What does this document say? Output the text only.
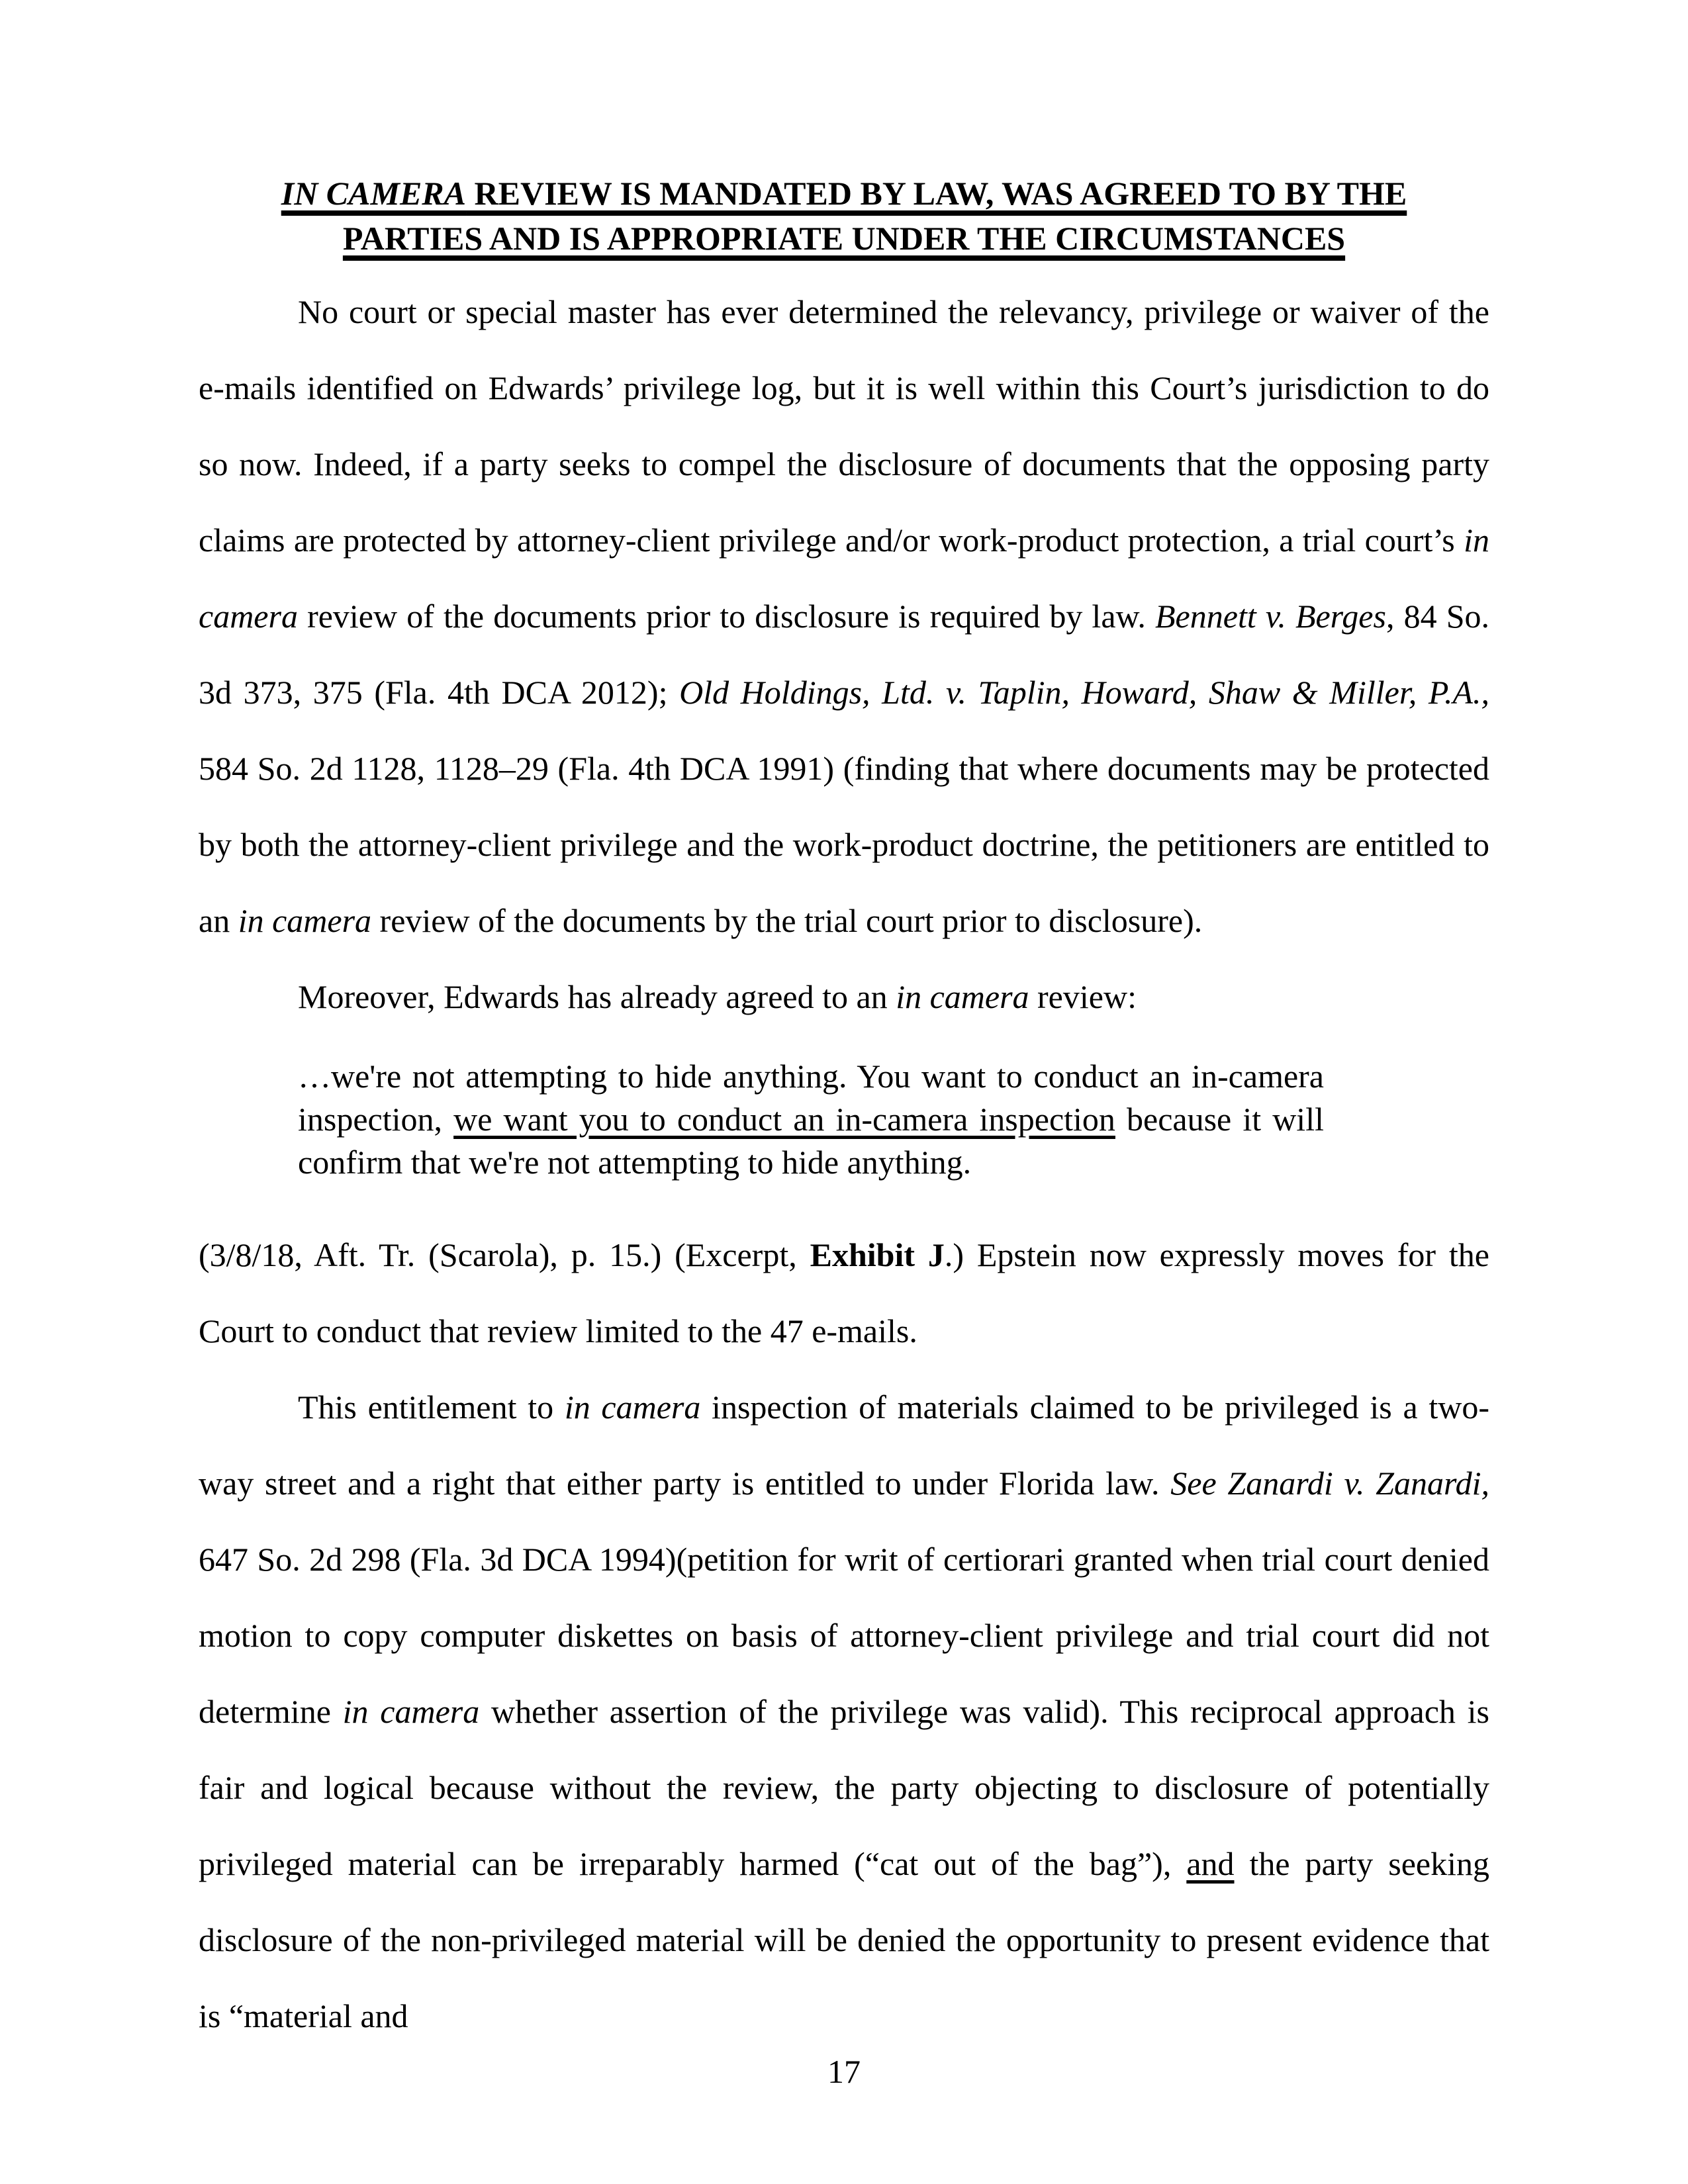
IN CAMERA REVIEW IS MANDATED BY LAW, WAS AGREED TO BY THE
PARTIES AND IS APPROPRIATE UNDER THE CIRCUMSTANCES

No court or special master has ever determined the relevancy, privilege or waiver of the e-mails identified on Edwards’ privilege log, but it is well within this Court’s jurisdiction to do so now. Indeed, if a party seeks to compel the disclosure of documents that the opposing party claims are protected by attorney-client privilege and/or work-product protection, a trial court’s in camera review of the documents prior to disclosure is required by law. Bennett v. Berges, 84 So. 3d 373, 375 (Fla. 4th DCA 2012); Old Holdings, Ltd. v. Taplin, Howard, Shaw & Miller, P.A., 584 So. 2d 1128, 1128–29 (Fla. 4th DCA 1991) (finding that where documents may be protected by both the attorney-client privilege and the work-product doctrine, the petitioners are entitled to an in camera review of the documents by the trial court prior to disclosure).

Moreover, Edwards has already agreed to an in camera review:

…we're not attempting to hide anything. You want to conduct an in-camera inspection, we want you to conduct an in-camera inspection because it will confirm that we're not attempting to hide anything.

(3/8/18, Aft. Tr. (Scarola), p. 15.) (Excerpt, Exhibit J.) Epstein now expressly moves for the Court to conduct that review limited to the 47 e-mails.

This entitlement to in camera inspection of materials claimed to be privileged is a two-way street and a right that either party is entitled to under Florida law. See Zanardi v. Zanardi, 647 So. 2d 298 (Fla. 3d DCA 1994)(petition for writ of certiorari granted when trial court denied motion to copy computer diskettes on basis of attorney-client privilege and trial court did not determine in camera whether assertion of the privilege was valid). This reciprocal approach is fair and logical because without the review, the party objecting to disclosure of potentially privileged material can be irreparably harmed (“cat out of the bag”), and the party seeking disclosure of the non-privileged material will be denied the opportunity to present evidence that is “material and

17
